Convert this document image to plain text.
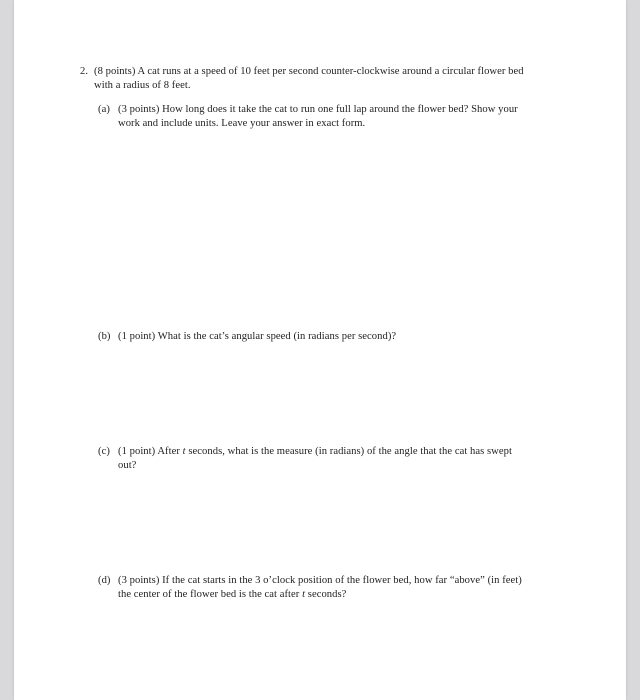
2. (8 points) A cat runs at a speed of 10 feet per second counter-clockwise around a circular flower bed
with a radius of 8 feet.
(a) (3 points) How long does it take the cat to run one full lap around the flower bed? Show your
work and include units. Leave your answer in exact form.
(b) (1 point) What is the cat’s angular speed (in radians per second)?
(c) (1 point) After t seconds, what is the measure (in radians) of the angle that the cat has swept
out?
(d) (3 points) If the cat starts in the 3 o’clock position of the flower bed, how far “above” (in feet)
the center of the flower bed is the cat after t seconds?
